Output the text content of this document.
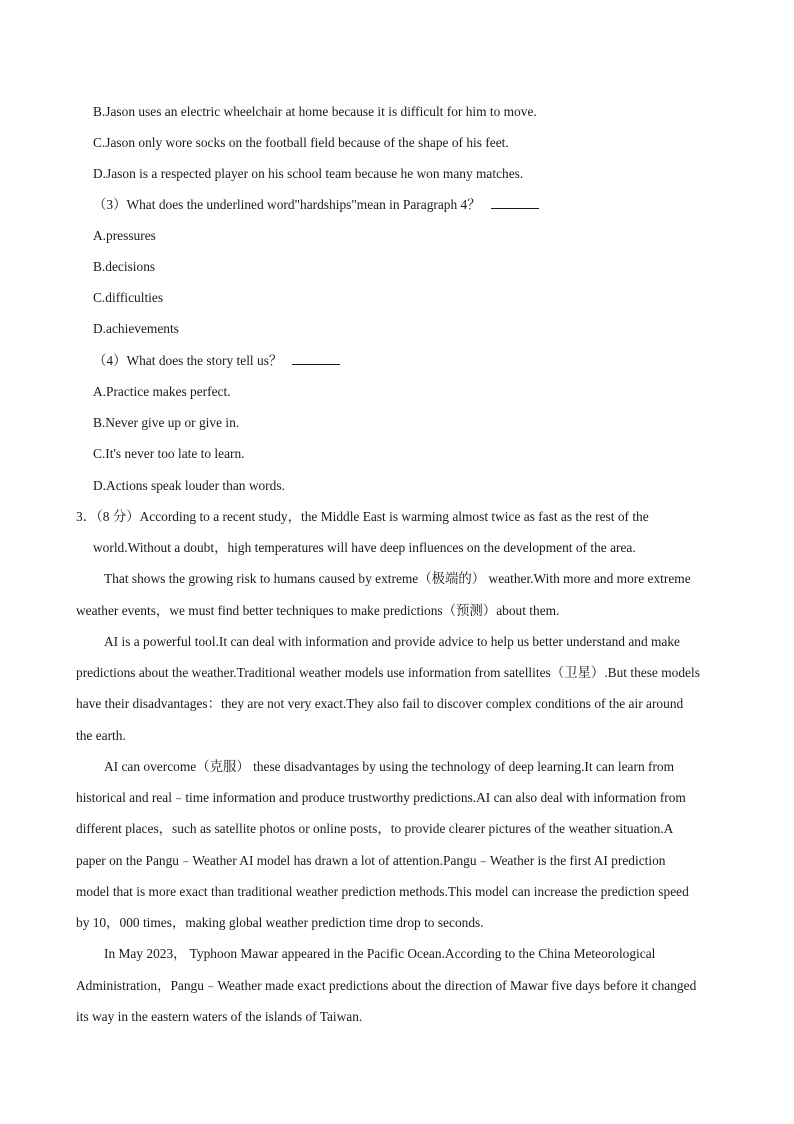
B.Jason uses an electric wheelchair at home because it is difficult for him to move.
C.Jason only wore socks on the football field because of the shape of his feet.
D.Jason is a respected player on his school team because he won many matches.
（3）What does the underlined word"hardships"mean in Paragraph 4？
A.pressures
B.decisions
C.difficulties
D.achievements
（4）What does the story tell us？
A.Practice makes perfect.
B.Never give up or give in.
C.It's never too late to learn.
D.Actions speak louder than words.
3．（8 分）According to a recent study，the Middle East is warming almost twice as fast as the rest of the
world.Without a doubt，high temperatures will have deep influences on the development of the area.
That shows the growing risk to humans caused by extreme（极端的） weather.With more and more extreme
weather events，we must find better techniques to make predictions（预测）about them.
AI is a powerful tool.It can deal with information and provide advice to help us better understand and make
predictions about the weather.Traditional weather models use information from satellites（卫星）.But these models
have their disadvantages：they are not very exact.They also fail to discover complex conditions of the air around
the earth.
AI can overcome（克服） these disadvantages by using the technology of deep learning.It can learn from
historical and real﹣time information and produce trustworthy predictions.AI can also deal with information from
different places，such as satellite photos or online posts，to provide clearer pictures of the weather situation.A
paper on the Pangu﹣Weather AI model has drawn a lot of attention.Pangu﹣Weather is the first AI prediction
model that is more exact than traditional weather prediction methods.This model can increase the prediction speed
by 10，000 times，making global weather prediction time drop to seconds.
In May 2023， Typhoon Mawar appeared in the Pacific Ocean.According to the China Meteorological
Administration，Pangu﹣Weather made exact predictions about the direction of Mawar five days before it changed
its way in the eastern waters of the islands of Taiwan.
